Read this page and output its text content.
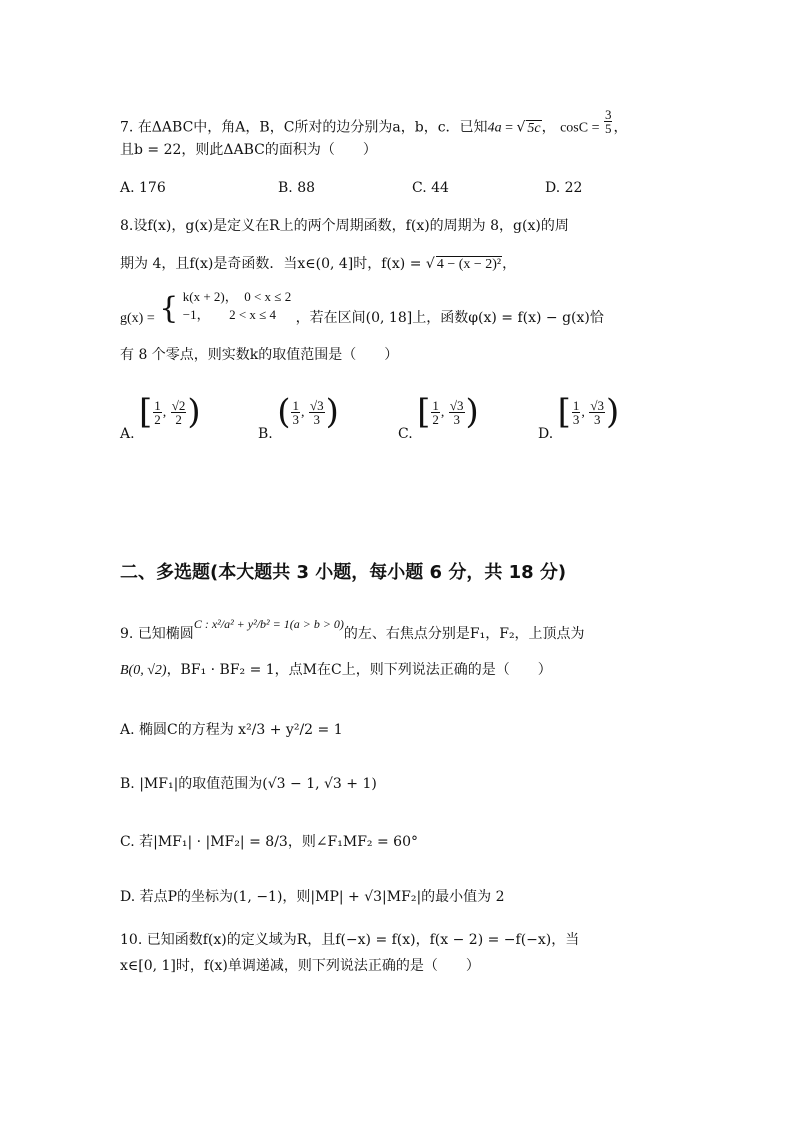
7. 在ΔABC中，角A，B，C所对的边分别为a，b，c．已知4a = √ 5c， $\cos C = \frac{3}{5}$ ，
且b = 22，则此ΔABC的面积为（　　）
A. 176	B. 88	C. 44	D. 22
8.设f(x)，g(x)是定义在R上的两个周期函数，f(x)的周期为 8，g(x)的周
期为 4，且f(x)是奇函数．当x∈(0, 4]时，f(x) = √ 4 − (x − 2)²，
g(x) = { k(x + 2)，　0 < x ≤ 2
−1，　　2 < x ≤ 4	，若在区间(0, 18]上，函数φ(x) = f(x) − g(x)恰
有 8 个零点，则实数k的取值范围是（　　）
A. [ $\frac{1}{2}$ , $\frac{√2}{2}$ )
B. ( $\frac{1}{3}$ , $\frac{√3}{3}$ )
C. [ $\frac{1}{2}$ , $\frac{√3}{3}$ )
D. [ $\frac{1}{3}$ , $\frac{√3}{3}$ )
二、多选题(本大题共 3 小题，每小题 6 分，共 18 分)
9. 已知椭圆C : x²/a² + y²/b² = 1(a > b > 0)的左、右焦点分别是F₁，F₂，上顶点为
B(0, √2)，BF₁ · BF₂ = 1，点M在C上，则下列说法正确的是（　　）
A. 椭圆C的方程为 x²/3 + y²/2 = 1
B. |MF₁|的取值范围为(√3 − 1, √3 + 1)
C. 若|MF₁| · |MF₂| = 8/3，则∠F₁MF₂ = 60°
D. 若点P的坐标为(1, −1)，则|MP| + √3|MF₂|的最小值为 2
10. 已知函数f(x)的定义域为R，且f(−x) = f(x)，f(x − 2) = −f(−x)，当
x∈[0, 1]时，f(x)单调递减，则下列说法正确的是（　　）
